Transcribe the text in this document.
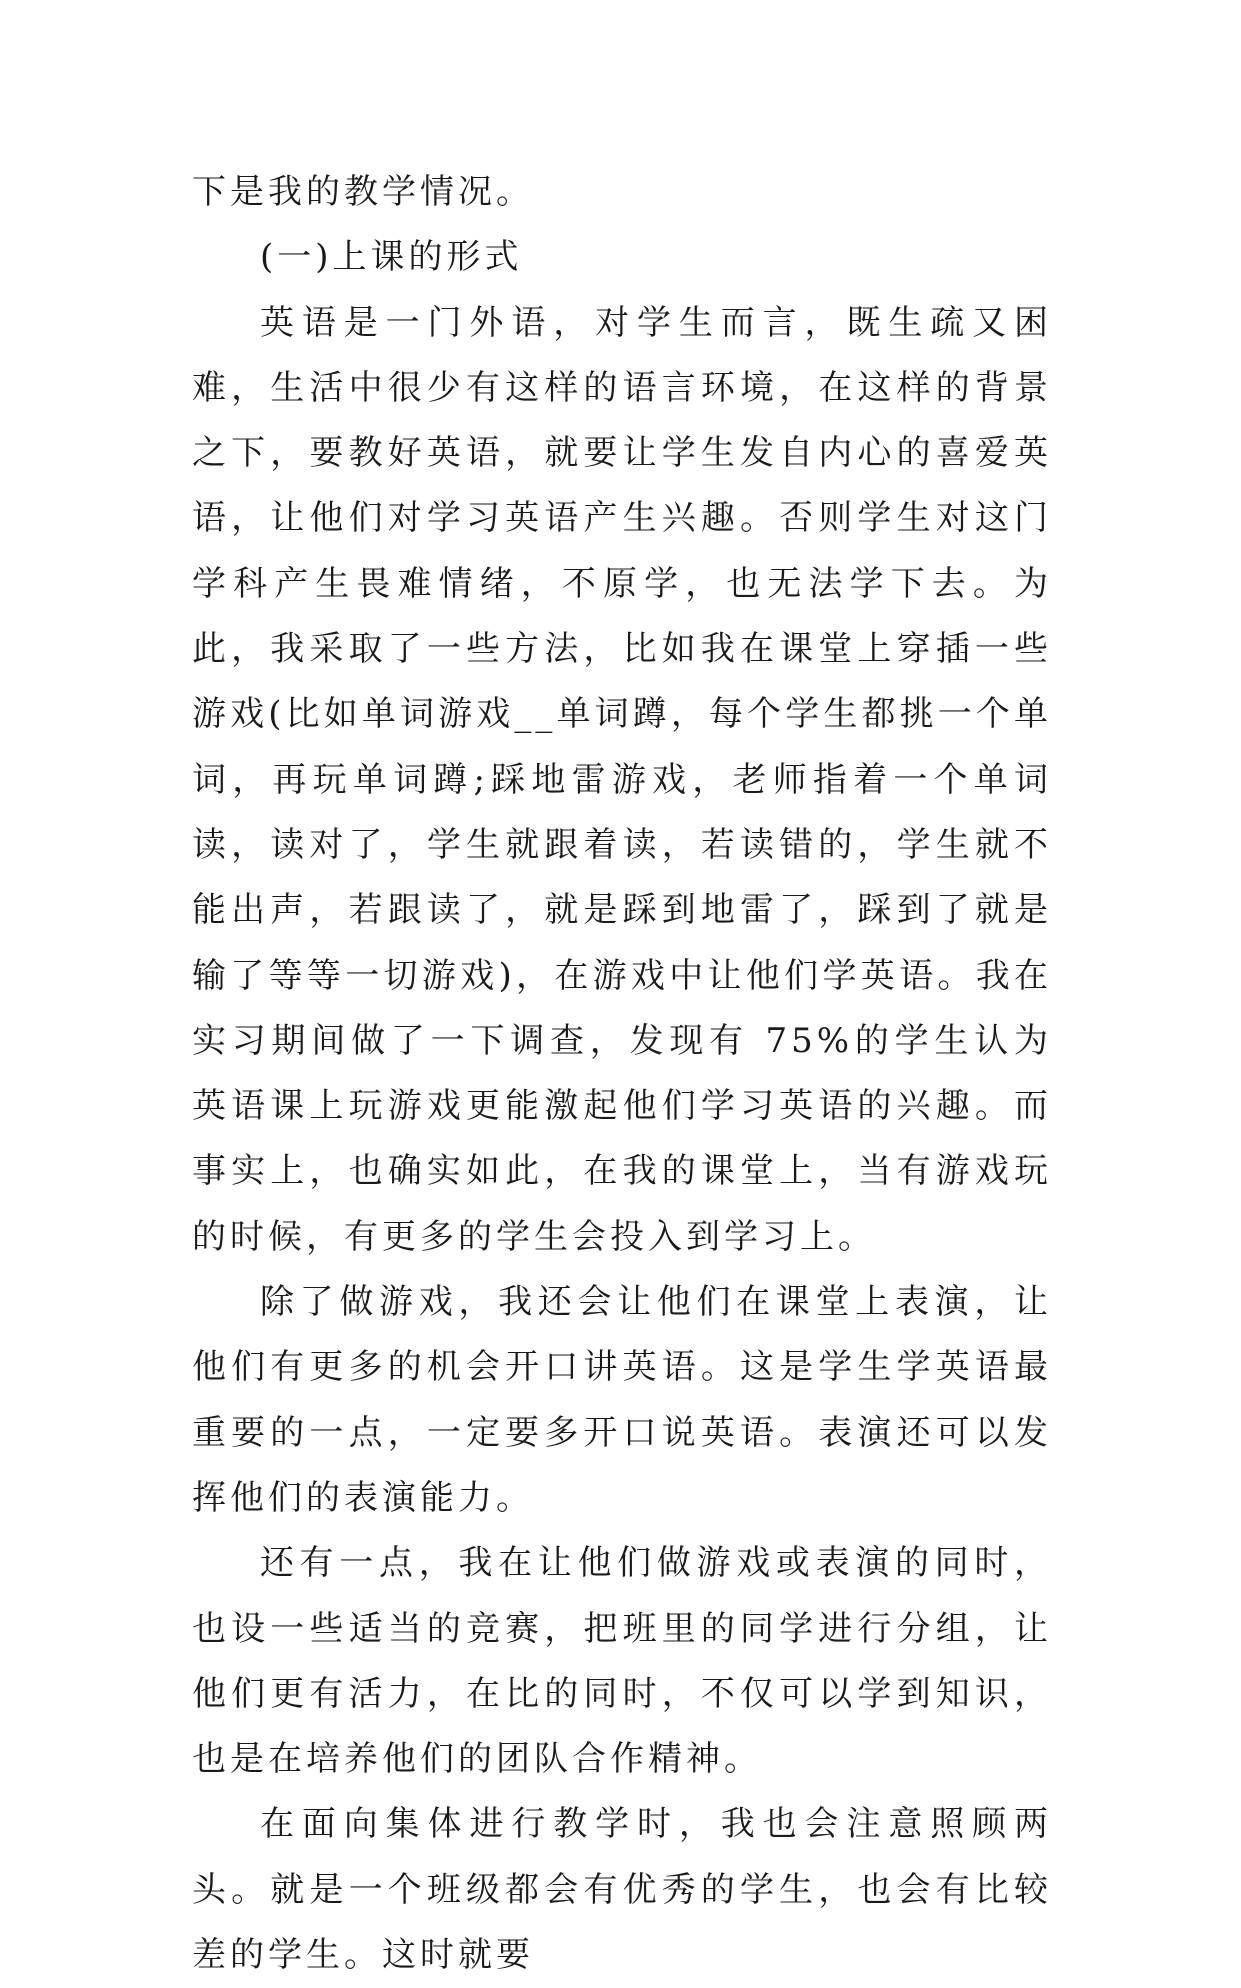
下是我的教学情况。

(一)上课的形式

英语是一门外语，对学生而言，既生疏又困难，生活中很少有这样的语言环境，在这样的背景之下，要教好英语，就要让学生发自内心的喜爱英语，让他们对学习英语产生兴趣。否则学生对这门学科产生畏难情绪，不原学，也无法学下去。为此，我采取了一些方法，比如我在课堂上穿插一些游戏(比如单词游戏__单词蹲，每个学生都挑一个单词，再玩单词蹲;踩地雷游戏，老师指着一个单词读，读对了，学生就跟着读，若读错的，学生就不能出声，若跟读了，就是踩到地雷了，踩到了就是输了等等一切游戏)，在游戏中让他们学英语。我在实习期间做了一下调查，发现有 75%的学生认为英语课上玩游戏更能激起他们学习英语的兴趣。而事实上，也确实如此，在我的课堂上，当有游戏玩的时候，有更多的学生会投入到学习上。

除了做游戏，我还会让他们在课堂上表演，让他们有更多的机会开口讲英语。这是学生学英语最重要的一点，一定要多开口说英语。表演还可以发挥他们的表演能力。

还有一点，我在让他们做游戏或表演的同时，也设一些适当的竞赛，把班里的同学进行分组，让他们更有活力，在比的同时，不仅可以学到知识，也是在培养他们的团队合作精神。

在面向集体进行教学时，我也会注意照顾两头。就是一个班级都会有优秀的学生，也会有比较差的学生。这时就要
